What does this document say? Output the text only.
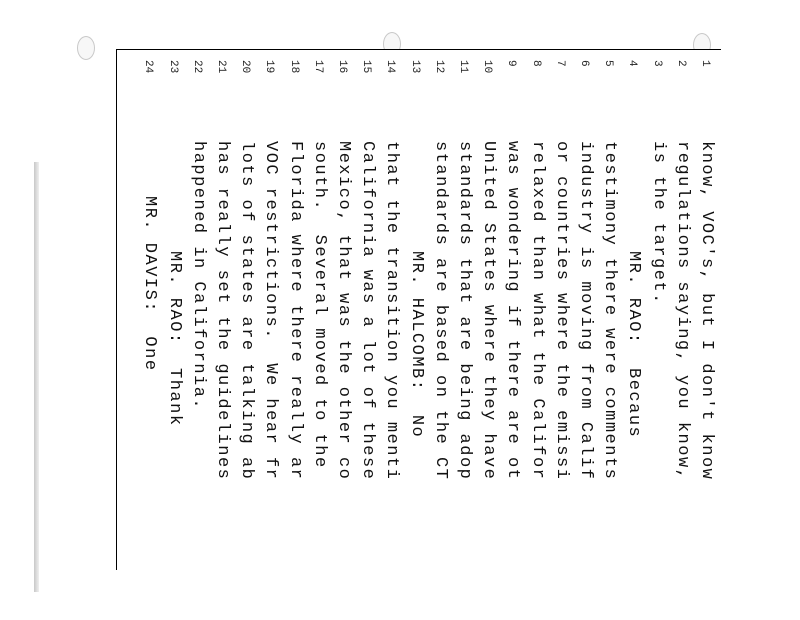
1know, VOC's, but I don't know
2regulations saying, you know,
3is the target.
4MR. RAO:  Becaus
5testimony there were comments
6industry is moving from Calif
7or countries where the emissi
8relaxed than what the Califor
9was wondering if there are ot
10United States where they have
11standards that are being adop
12standards are based on the CT
13MR. HALCOMB:  No
14that the transition you menti
15California was a lot of these
16Mexico, that was the other co
17south.  Several moved to the
18Florida where there really ar
19VOC restrictions.  We hear fr
20lots of states are talking ab
21has really set the guidelines
22happened in California.
23MR. RAO:  Thank
24MR. DAVIS:  One
